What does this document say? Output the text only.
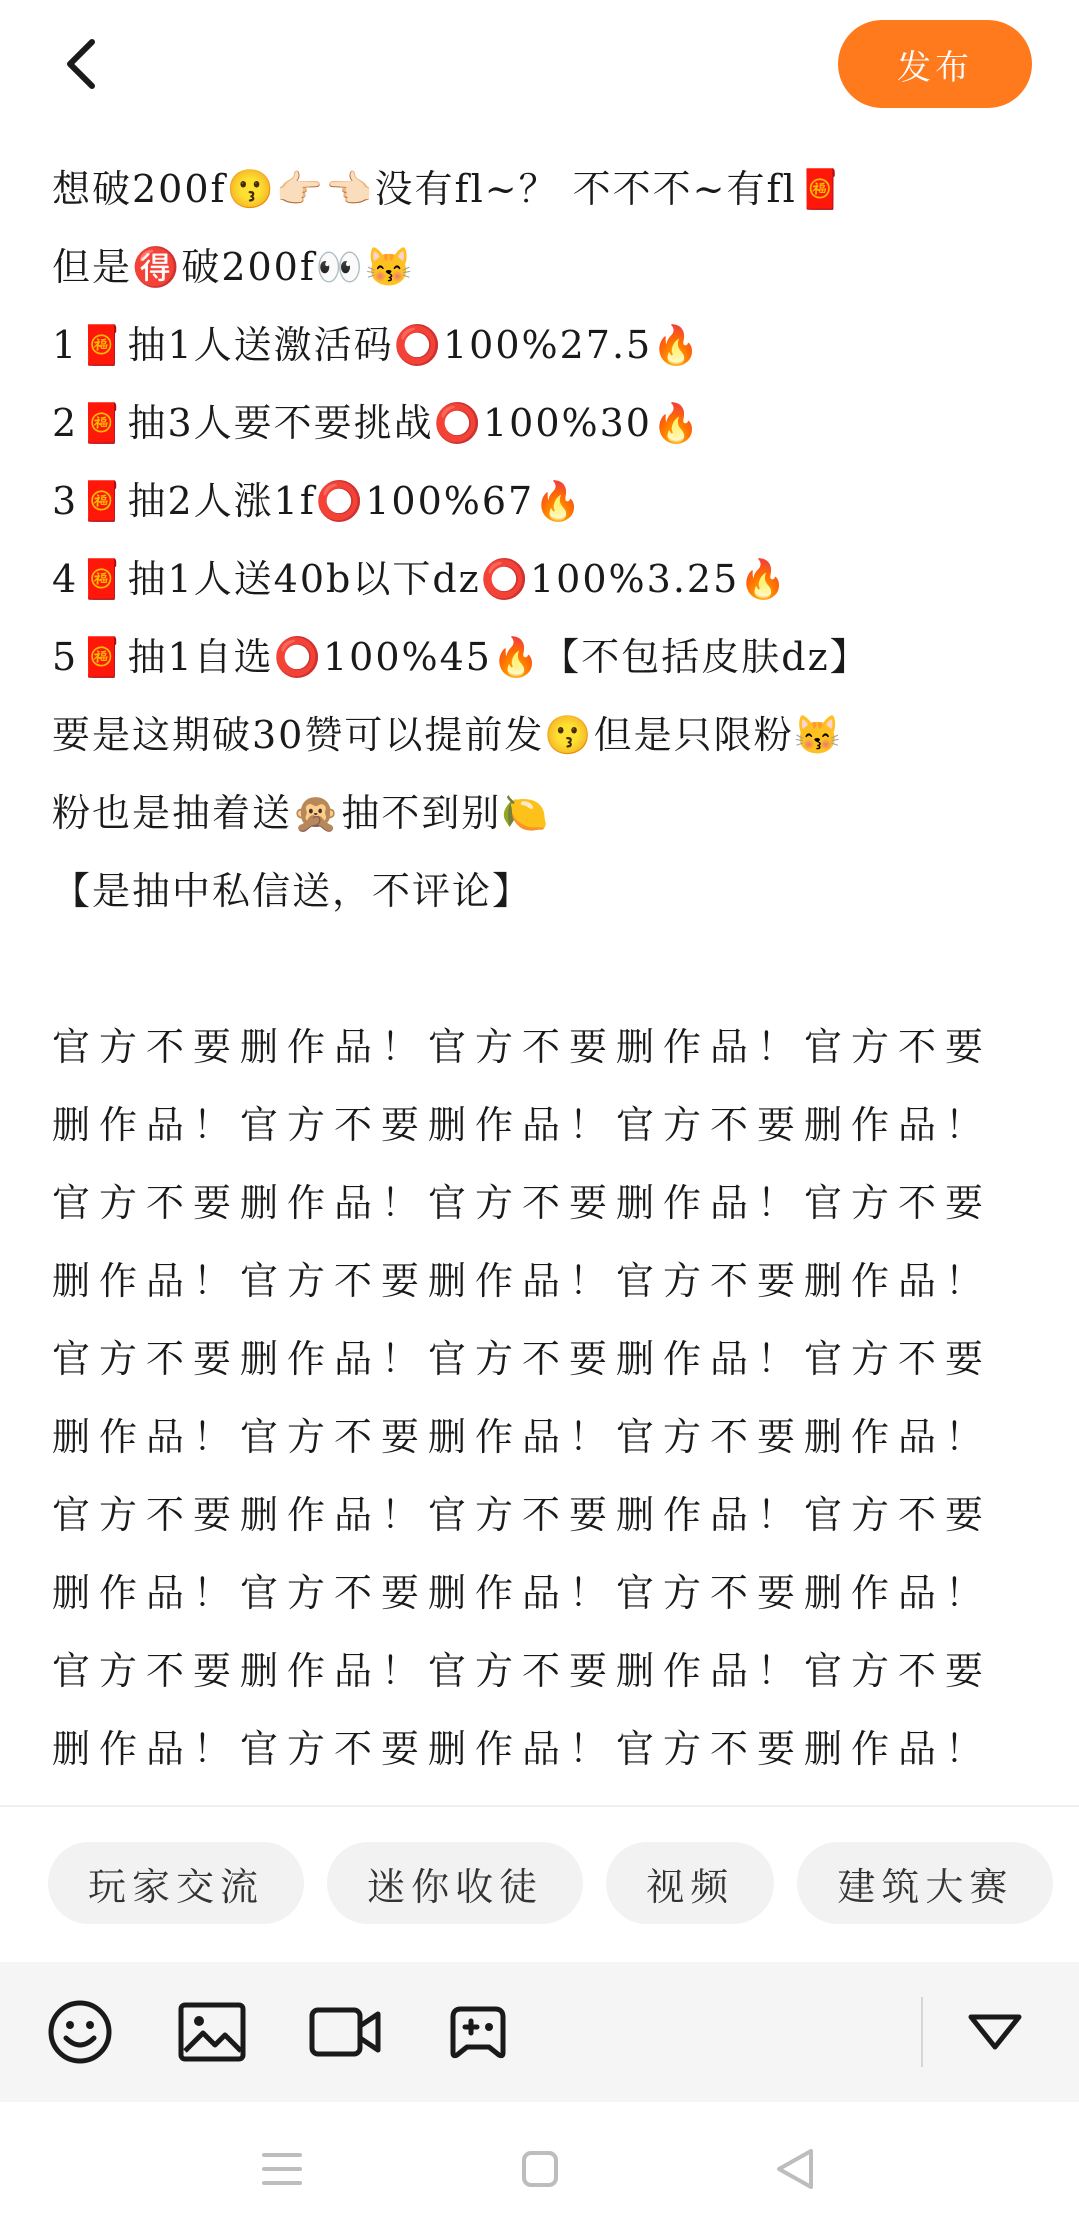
发布
想破200f😗👉🏻👈🏻没有fl~？ 不不不~有fl🧧
但是🉐破200f👀😽
1🧧抽1人送激活码⭕100%27.5🔥
2🧧抽3人要不要挑战⭕100%30🔥
3🧧抽2人涨1f⭕100%67🔥
4🧧抽1人送40b以下dz⭕100%3.25🔥
5🧧抽1自选⭕100%45🔥【不包括皮肤dz】
要是这期破30赞可以提前发😗但是只限粉😽
粉也是抽着送🙊抽不到别🍋
【是抽中私信送，不评论】
官方不要删作品！官方不要删作品！官方不要删作品！官方不要删作品！官方不要删作品！官方不要删作品！官方不要删作品！官方不要删作品！官方不要删作品！官方不要删作品！官方不要删作品！官方不要删作品！官方不要删作品！官方不要删作品！官方不要删作品！官方不要删作品！官方不要删作品！官方不要删作品！官方不要删作品！官方不要删作品！官方不要删作品！官方不要删作品！官方不要删作品！官方不要删作品！官方不要删作品！
玩家交流	迷你收徒	视频	建筑大赛
